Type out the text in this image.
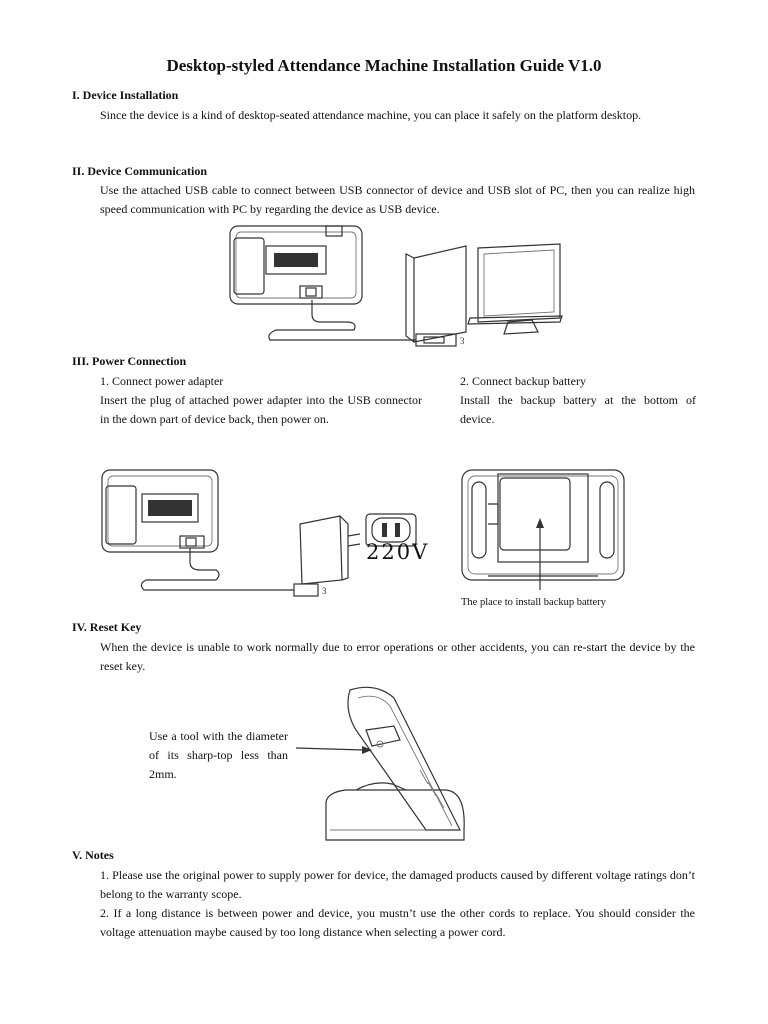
Desktop-styled Attendance Machine Installation Guide V1.0
I. Device Installation
Since the device is a kind of desktop-seated attendance machine, you can place it safely on the platform desktop.
II. Device Communication
Use the attached USB cable to connect between USB connector of device and USB slot of PC, then you can realize high speed communication with PC by regarding the device as USB device.
3
III. Power Connection
1. Connect power adapter
Insert the plug of attached power adapter into the USB connector in the down part of device back, then power on.
2. Connect backup battery
Install the backup battery at the bottom of device.
3
220V
The place to install backup battery
IV. Reset Key
When the device is unable to work normally due to error operations or other accidents, you can re-start the device by the reset key.
Use a tool with the diameter of its sharp-top less than 2mm.
V. Notes
1. Please use the original power to supply power for device, the damaged products caused by different voltage ratings don’t belong to the warranty scope.
2. If a long distance is between power and device, you mustn’t use the other cords to replace. You should consider the voltage attenuation maybe caused by too long distance when selecting a power cord.
